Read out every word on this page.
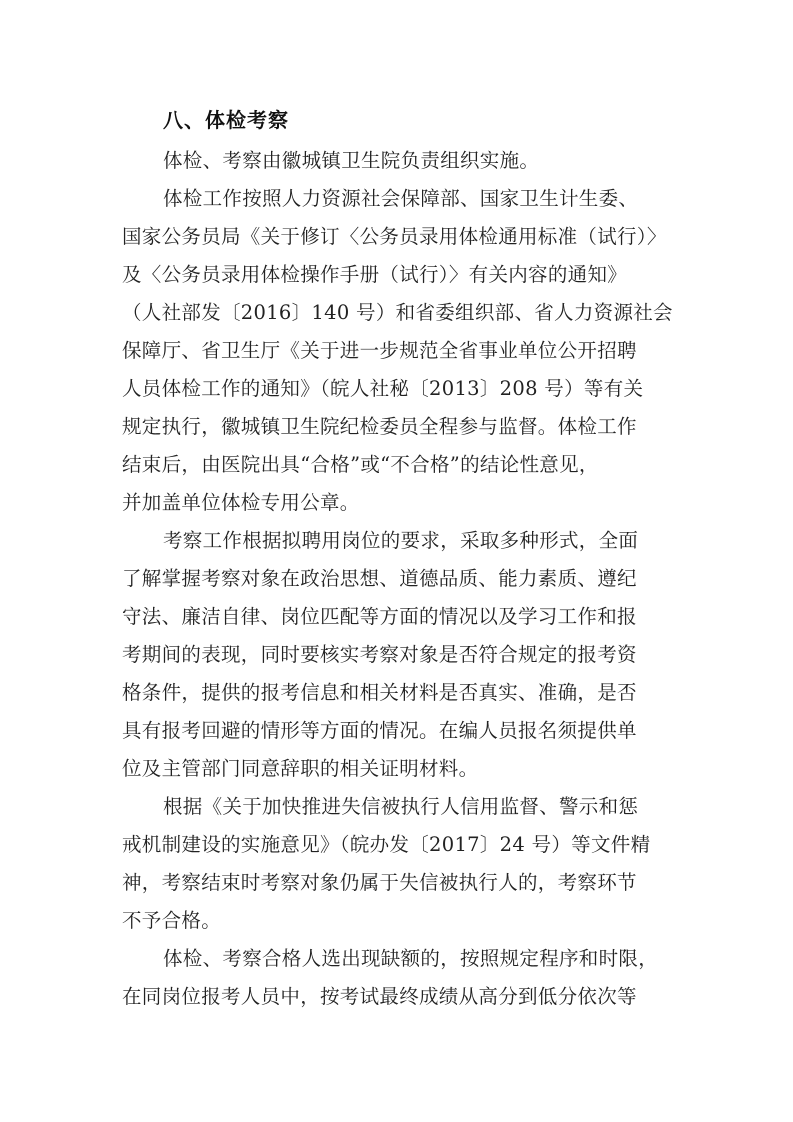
八、体检考察
体检、考察由徽城镇卫生院负责组织实施。
体检工作按照人力资源社会保障部、国家卫生计生委、
国家公务员局《关于修订〈公务员录用体检通用标准（试行）〉
及〈公务员录用体检操作手册（试行）〉有关内容的通知》
（人社部发〔2016〕140 号）和省委组织部、省人力资源社会
保障厅、省卫生厅《关于进一步规范全省事业单位公开招聘
人员体检工作的通知》（皖人社秘〔2013〕208 号）等有关
规定执行，徽城镇卫生院纪检委员全程参与监督。体检工作
结束后，由医院出具“合格”或“不合格”的结论性意见，
并加盖单位体检专用公章。
考察工作根据拟聘用岗位的要求，采取多种形式，全面
了解掌握考察对象在政治思想、道德品质、能力素质、遵纪
守法、廉洁自律、岗位匹配等方面的情况以及学习工作和报
考期间的表现，同时要核实考察对象是否符合规定的报考资
格条件，提供的报考信息和相关材料是否真实、准确，是否
具有报考回避的情形等方面的情况。在编人员报名须提供单
位及主管部门同意辞职的相关证明材料。
根据《关于加快推进失信被执行人信用监督、警示和惩
戒机制建设的实施意见》（皖办发〔2017〕24 号）等文件精
神，考察结束时考察对象仍属于失信被执行人的，考察环节
不予合格。
体检、考察合格人选出现缺额的，按照规定程序和时限，
在同岗位报考人员中，按考试最终成绩从高分到低分依次等
